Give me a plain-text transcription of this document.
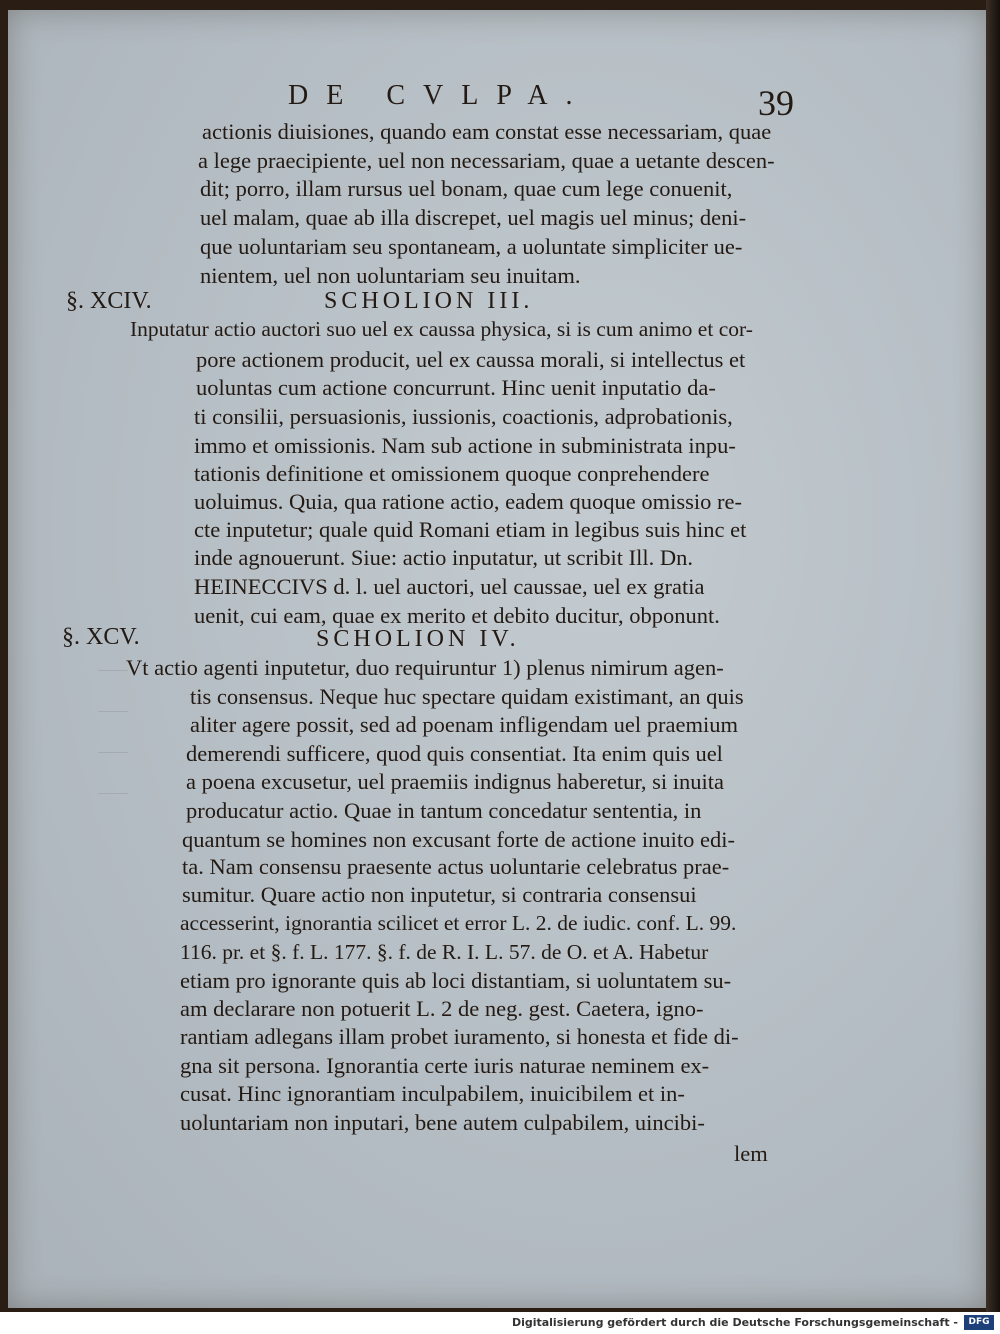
DE CVLPA.	39
actionis diuisiones, quando eam constat esse necessariam, quae
a lege praecipiente, uel non necessariam, quae a uetante descen-
dit; porro, illam rursus uel bonam, quae cum lege conuenit,
uel malam, quae ab illa discrepet, uel magis uel minus; deni-
que uoluntariam seu spontaneam, a uoluntate simpliciter ue-
nientem, uel non uoluntariam seu inuitam.
§. XCIV.	SCHOLION III.
Inputatur actio auctori suo uel ex caussa physica, si is cum animo et cor-
pore actionem producit, uel ex caussa morali, si intellectus et
uoluntas cum actione concurrunt. Hinc uenit inputatio da-
ti consilii, persuasionis, iussionis, coactionis, adprobationis,
immo et omissionis. Nam sub actione in subministrata inpu-
tationis definitione et omissionem quoque conprehendere
uoluimus. Quia, qua ratione actio, eadem quoque omissio re-
cte inputetur; quale quid Romani etiam in legibus suis hinc et
inde agnouerunt. Siue: actio inputatur, ut scribit Ill. Dn.
HEINECCIVS d. l. uel auctori, uel caussae, uel ex gratia
uenit, cui eam, quae ex merito et debito ducitur, obponunt.
§. XCV.	SCHOLION IV.
Vt actio agenti inputetur, duo requiruntur 1) plenus nimirum agen-
tis consensus. Neque huc spectare quidam existimant, an quis
aliter agere possit, sed ad poenam infligendam uel praemium
demerendi sufficere, quod quis consentiat. Ita enim quis uel
a poena excusetur, uel praemiis indignus haberetur, si inuita
producatur actio. Quae in tantum concedatur sententia, in
quantum se homines non excusant forte de actione inuito edi-
ta. Nam consensu praesente actus uoluntarie celebratus prae-
sumitur. Quare actio non inputetur, si contraria consensui
accesserint, ignorantia scilicet et error L. 2. de iudic. conf. L. 99.
116. pr. et §. f. L. 177. §. f. de R. I. L. 57. de O. et A. Habetur
etiam pro ignorante quis ab loci distantiam, si uoluntatem su-
am declarare non potuerit L. 2 de neg. gest. Caetera, igno-
rantiam adlegans illam probet iuramento, si honesta et fide di-
gna sit persona. Ignorantia certe iuris naturae neminem ex-
cusat. Hinc ignorantiam inculpabilem, inuicibilem et in-
uoluntariam non inputari, bene autem culpabilem, uincibi-
lem
Digitalisierung gefördert durch die Deutsche Forschungsgemeinschaft -	DFG
